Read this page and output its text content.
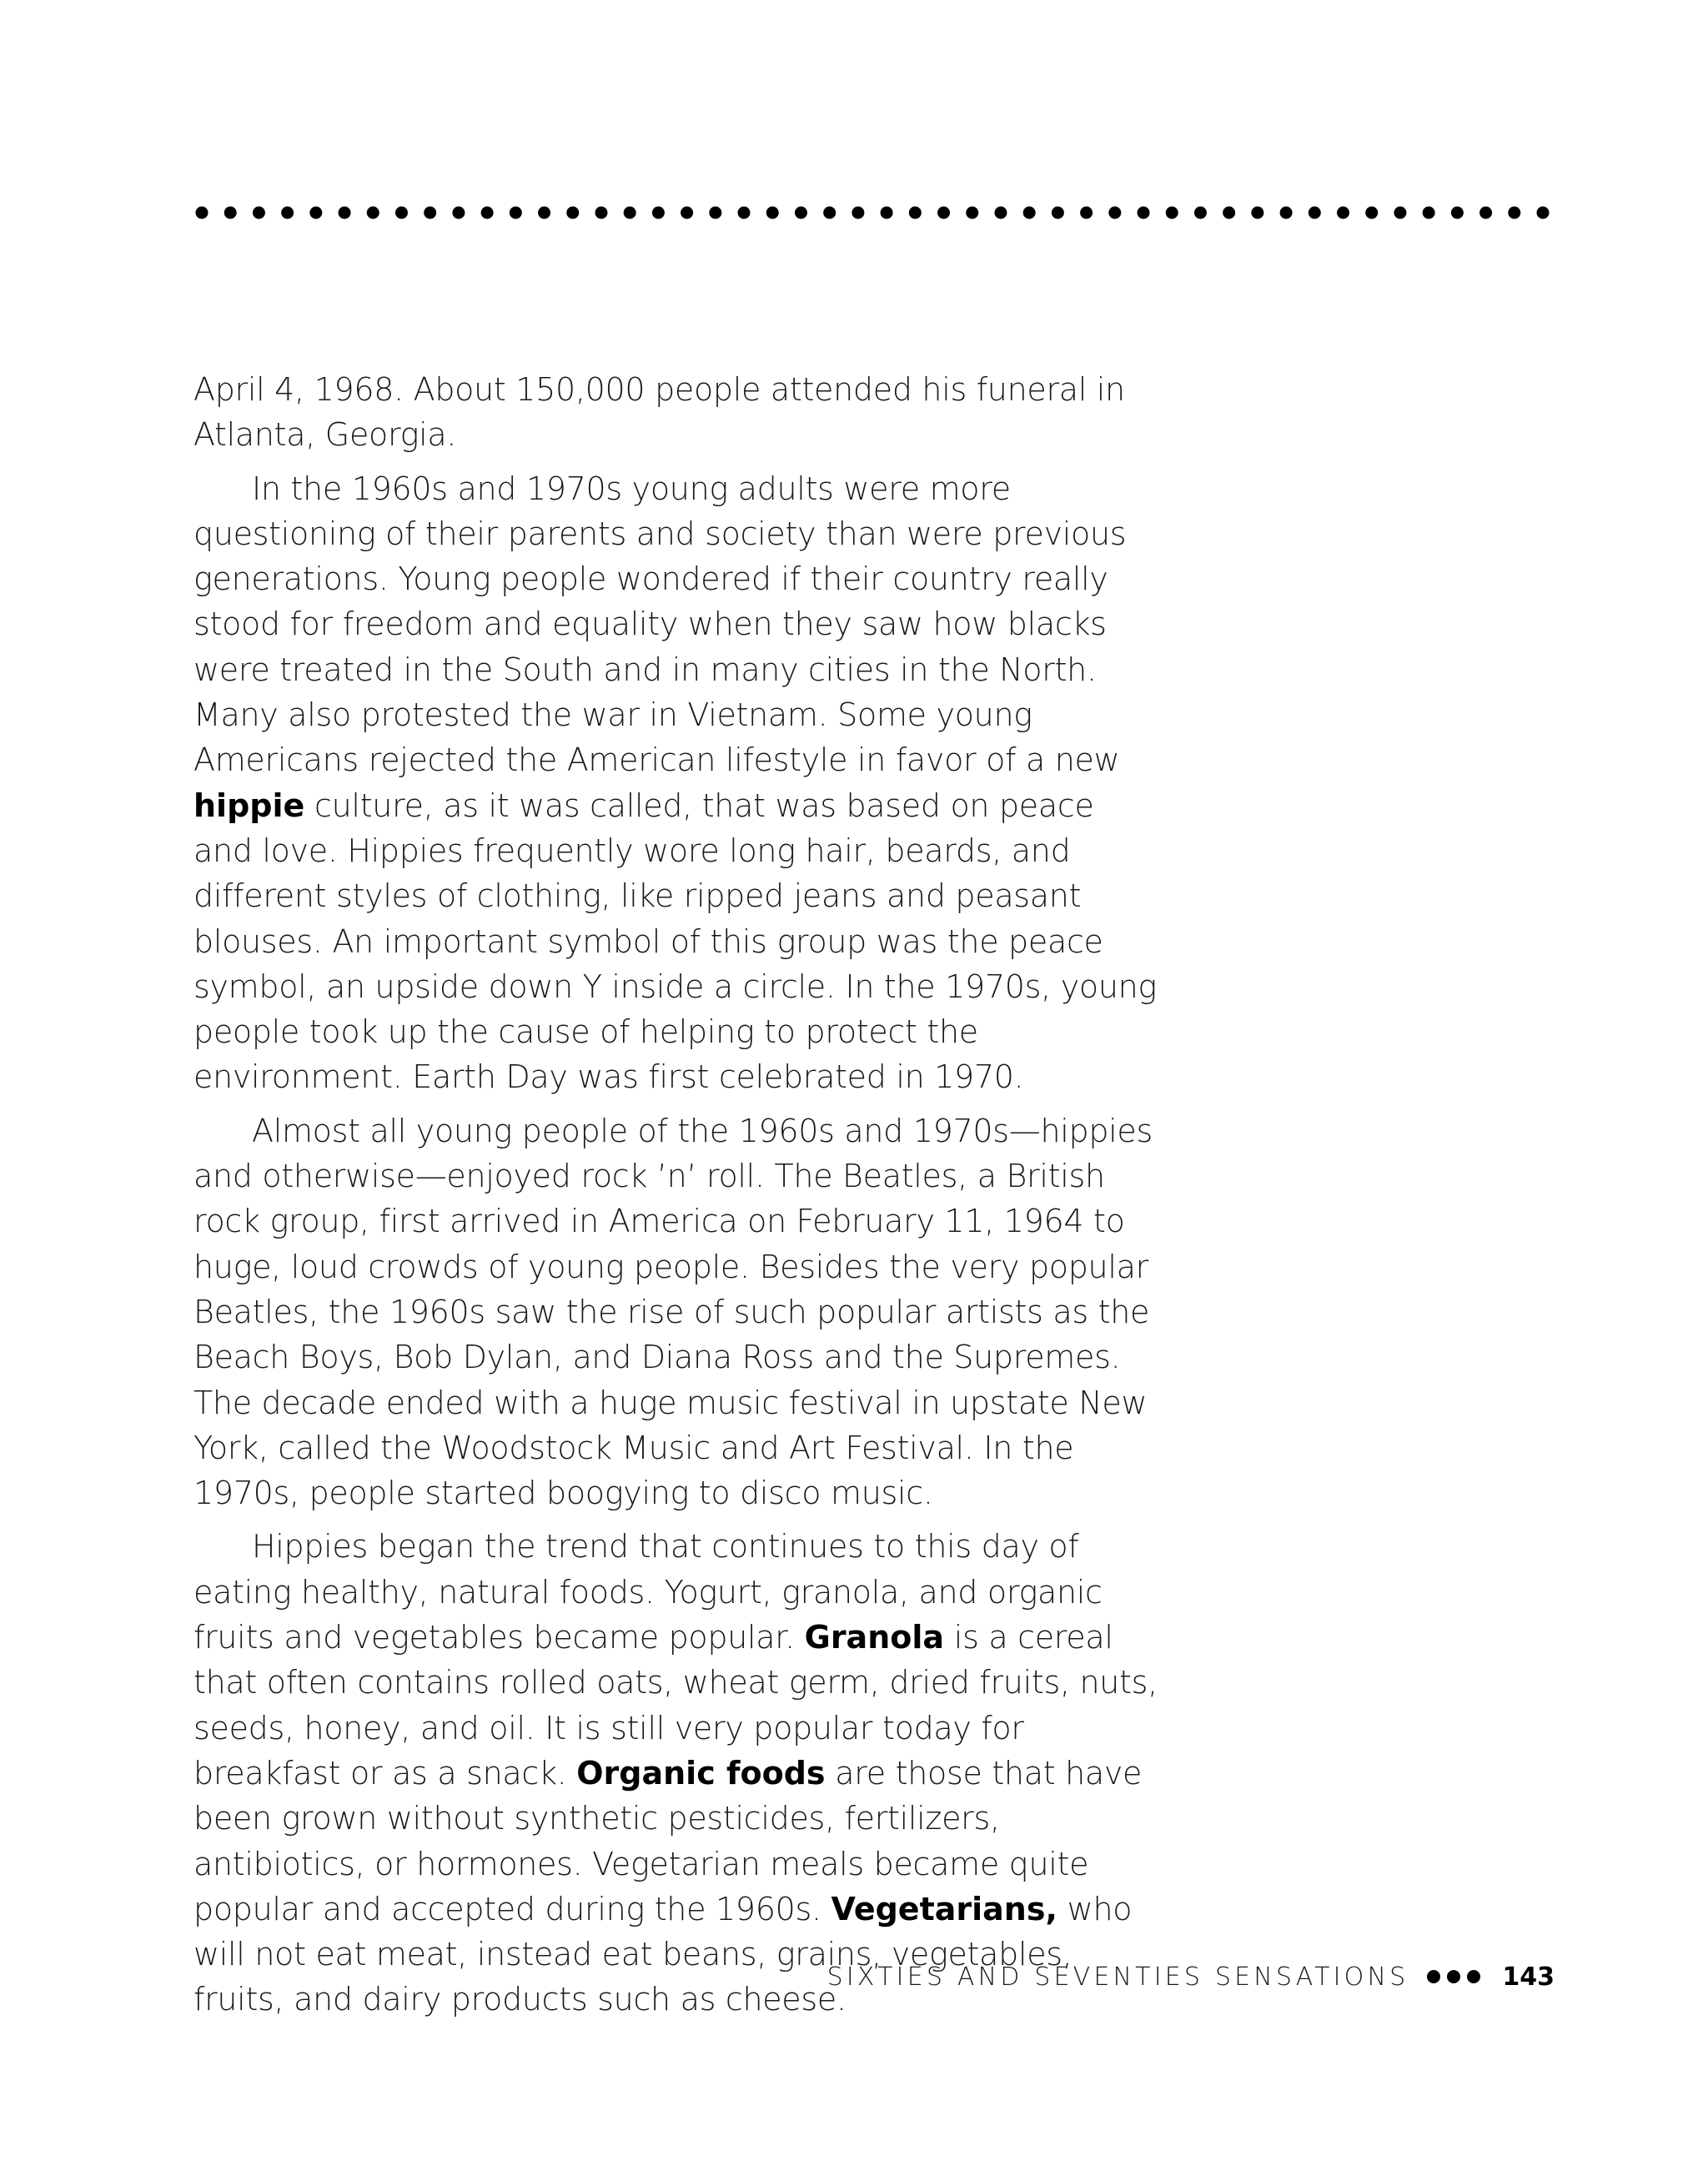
April 4, 1968. About 150,000 people attended his funeral in Atlanta, Georgia.

In the 1960s and 1970s young adults were more questioning of their parents and society than were previous generations. Young people wondered if their country really stood for freedom and equality when they saw how blacks were treated in the South and in many cities in the North. Many also protested the war in Vietnam. Some young Americans rejected the American lifestyle in favor of a new hippie culture, as it was called, that was based on peace and love. Hippies frequently wore long hair, beards, and different styles of clothing, like ripped jeans and peasant blouses. An important symbol of this group was the peace symbol, an upside down Y inside a circle. In the 1970s, young people took up the cause of helping to protect the environment. Earth Day was first celebrated in 1970.

Almost all young people of the 1960s and 1970s—hippies and otherwise—enjoyed rock ’n’ roll. The Beatles, a British rock group, first arrived in America on February 11, 1964 to huge, loud crowds of young people. Besides the very popular Beatles, the 1960s saw the rise of such popular artists as the Beach Boys, Bob Dylan, and Diana Ross and the Supremes. The decade ended with a huge music festival in upstate New York, called the Woodstock Music and Art Festival. In the 1970s, people started boogying to disco music.

Hippies began the trend that continues to this day of eating healthy, natural foods. Yogurt, granola, and organic fruits and vegetables became popular. Granola is a cereal that often contains rolled oats, wheat germ, dried fruits, nuts, seeds, honey, and oil. It is still very popular today for breakfast or as a snack. Organic foods are those that have been grown without synthetic pesticides, fertilizers, antibiotics, or hormones. Vegetarian meals became quite popular and accepted during the 1960s. Vegetarians, who will not eat meat, instead eat beans, grains, vegetables, fruits, and dairy products such as cheese.

SIXTIES AND SEVENTIES SENSATIONS	143
